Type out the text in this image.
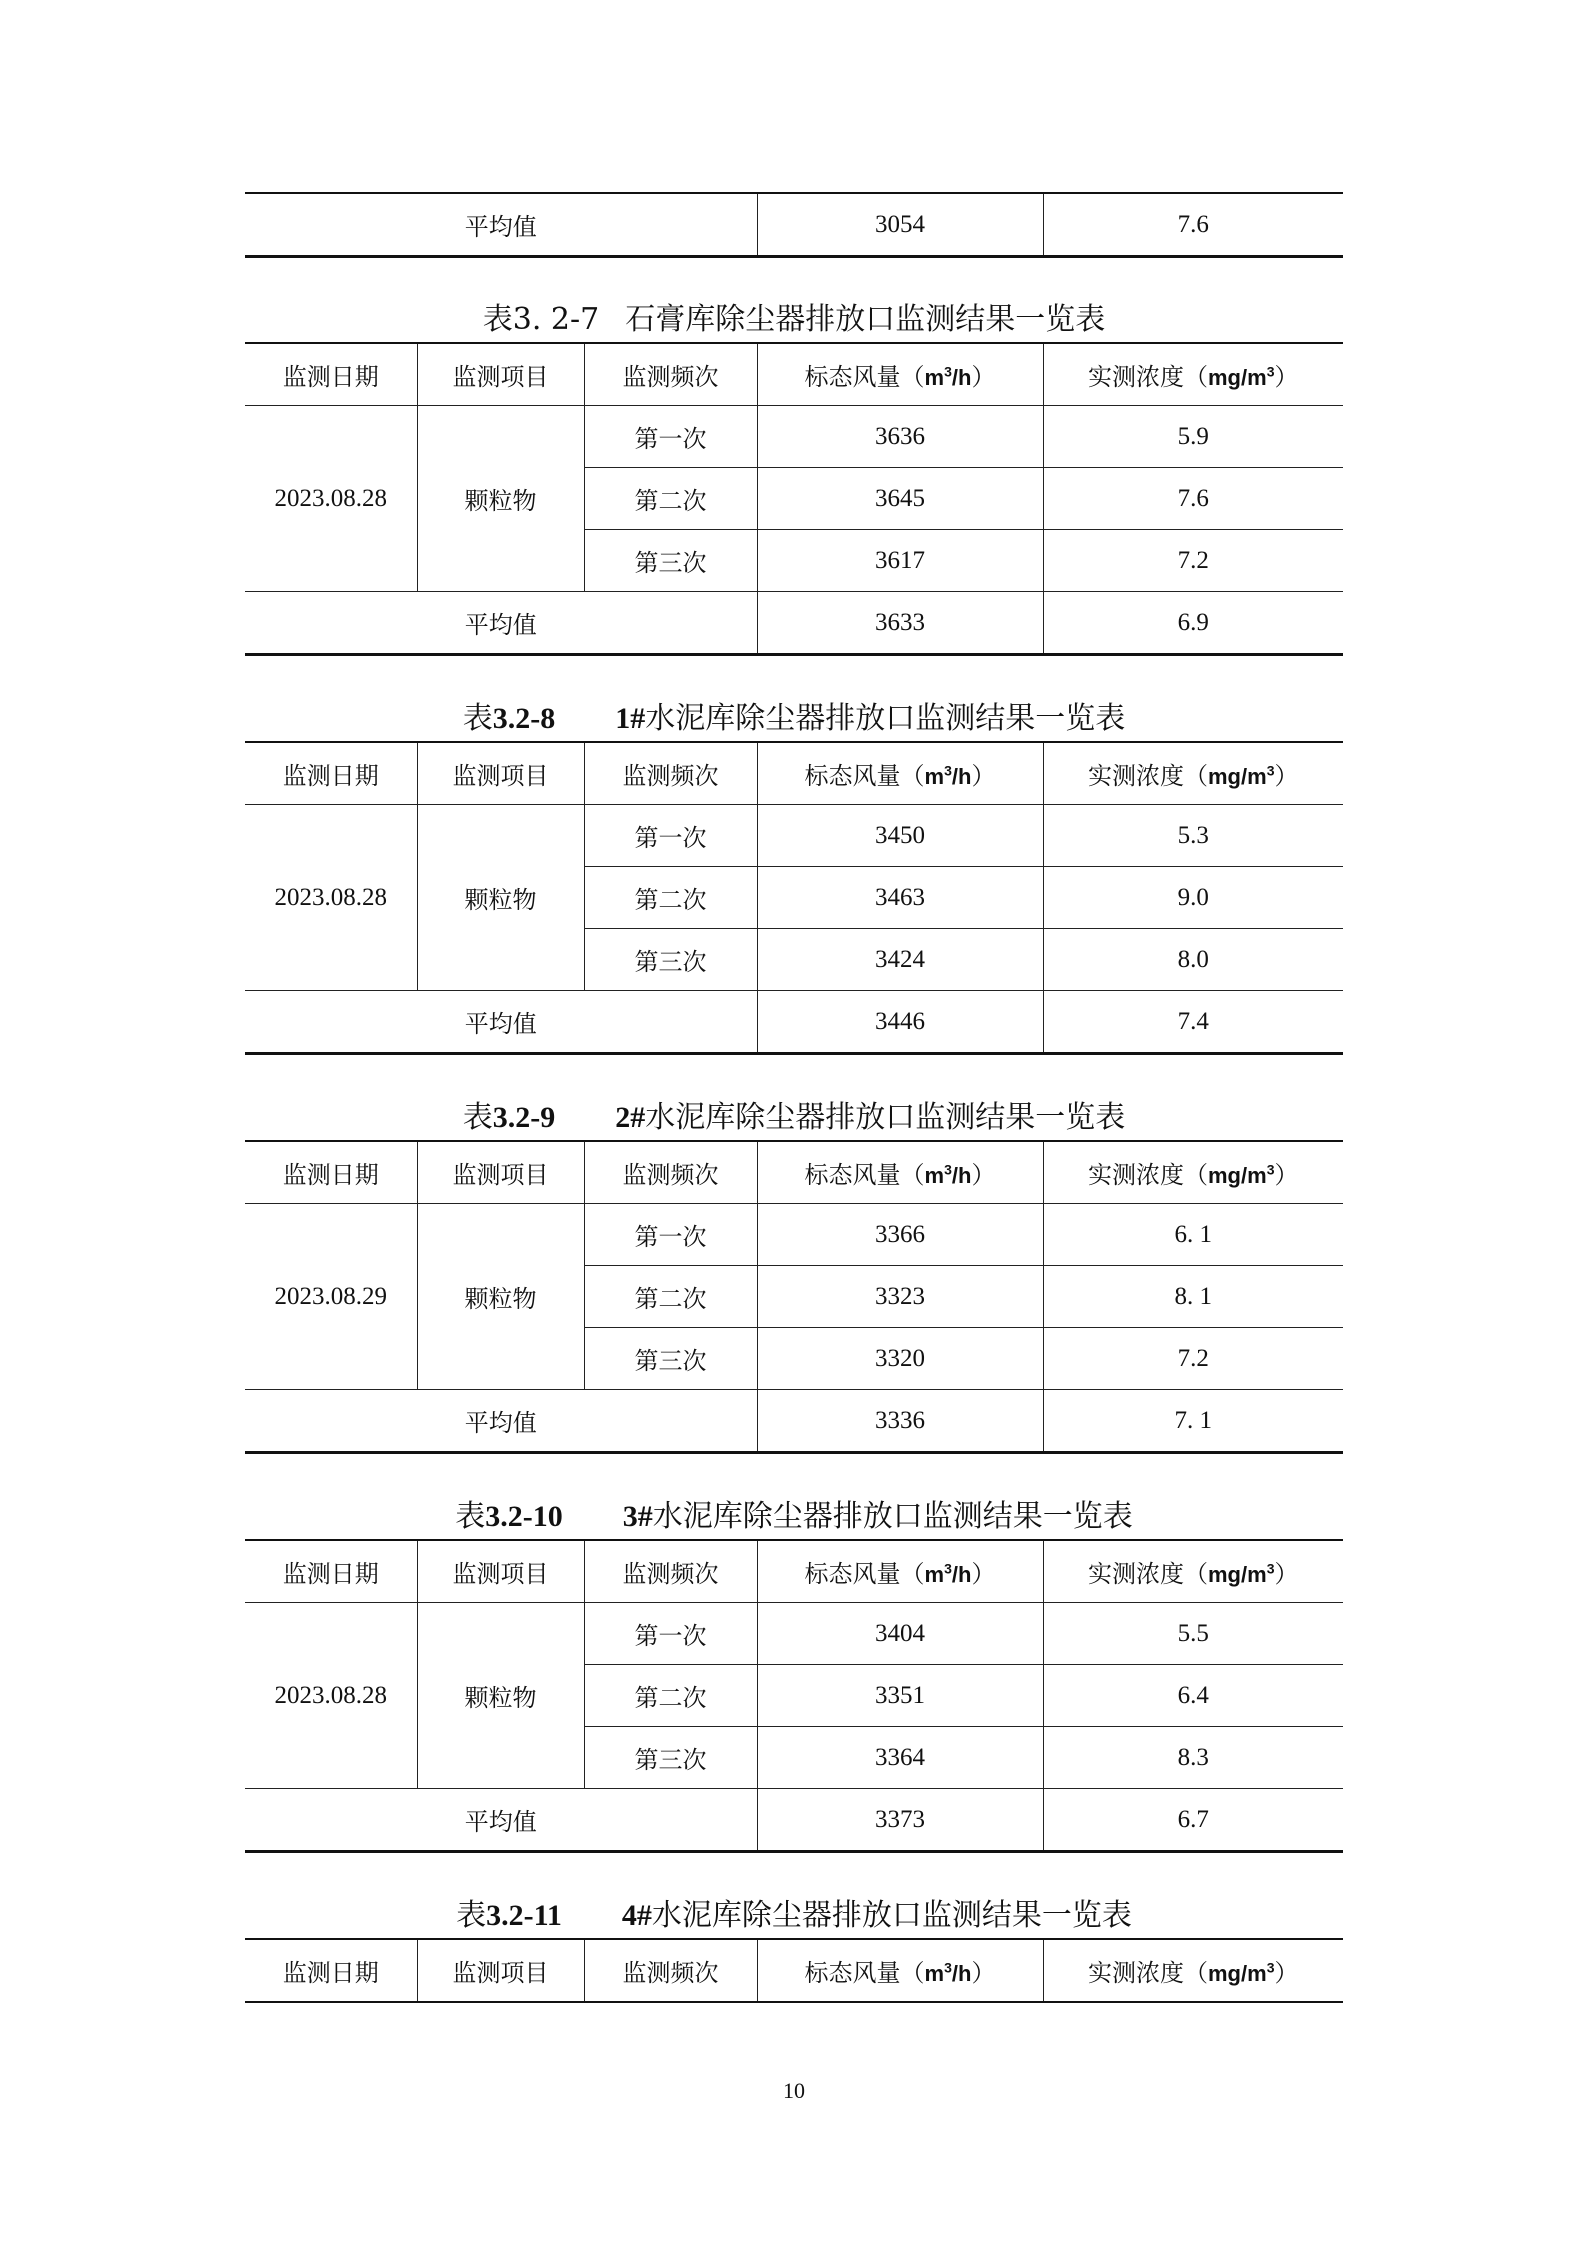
平均值	3054	7.6
表3. 2-7 石膏库除尘器排放口监测结果一览表
监测日期	监测项目	监测频次	标态风量$(m^3/h)$	实测浓度$(mg/m^3)$
2023.08.28	颗粒物	第一次	3636	5.9
		第二次	3645	7.6
		第三次	3617	7.2
平均值			3633	6.9
表3.2-8 1#水泥库除尘器排放口监测结果一览表
监测日期	监测项目	监测频次	标态风量$(m^3/h)$	实测浓度$(mg/m^3)$
2023.08.28	颗粒物	第一次	3450	5.3
		第二次	3463	9.0
		第三次	3424	8.0
平均值			3446	7.4
表3.2-9 2#水泥库除尘器排放口监测结果一览表
监测日期	监测项目	监测频次	标态风量$(m^3/h)$	实测浓度$(mg/m^3)$
2023.08.29	颗粒物	第一次	3366	6. 1
		第二次	3323	8. 1
		第三次	3320	7.2
平均值			3336	7. 1
表3.2-10 3#水泥库除尘器排放口监测结果一览表
监测日期	监测项目	监测频次	标态风量$(m^3/h)$	实测浓度$(mg/m^3)$
2023.08.28	颗粒物	第一次	3404	5.5
		第二次	3351	6.4
		第三次	3364	8.3
平均值			3373	6.7
表3.2-11 4#水泥库除尘器排放口监测结果一览表
监测日期	监测项目	监测频次	标态风量$(m^3/h)$	实测浓度$(mg/m^3)$
10
